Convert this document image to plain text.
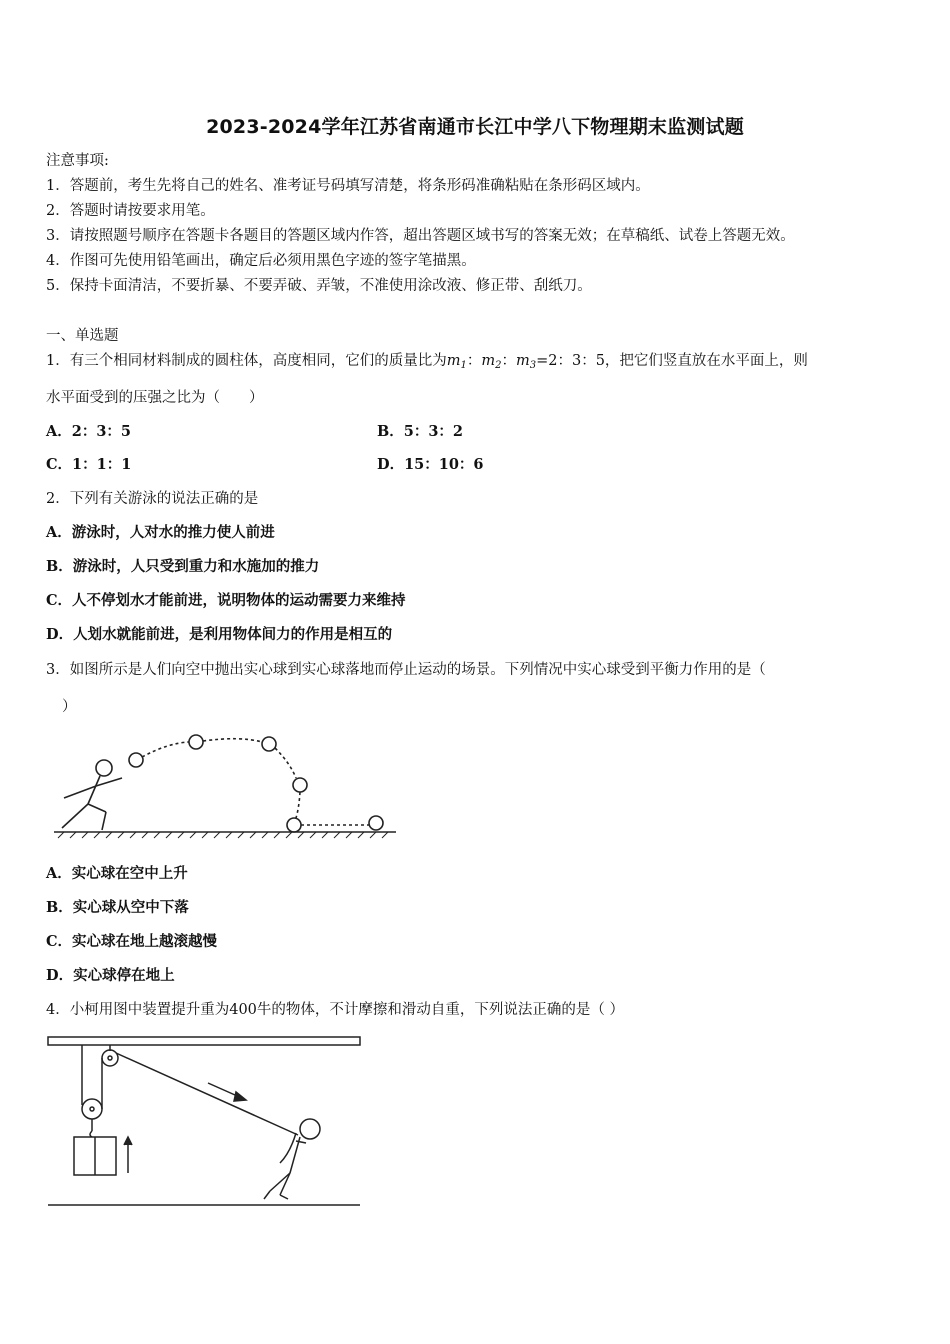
2023-2024学年江苏省南通市长江中学八下物理期末监测试题
注意事项:
1．答题前，考生先将自己的姓名、准考证号码填写清楚，将条形码准确粘贴在条形码区域内。
2．答题时请按要求用笔。
3．请按照题号顺序在答题卡各题目的答题区域内作答，超出答题区域书写的答案无效；在草稿纸、试卷上答题无效。
4．作图可先使用铅笔画出，确定后必须用黑色字迹的签字笔描黑。
5．保持卡面清洁，不要折暴、不要弄破、弄皱，不准使用涂改液、修正带、刮纸刀。
一、单选题
1．有三个相同材料制成的圆柱体，高度相同，它们的质量比为$m_1$：$m_2$：$m_3=2$：3：5，把它们竖直放在水平面上，则
水平面受到的压强之比为（　　）
A．2：3：5	B．5：3：2
C．1：1：1	D．15：10：6
2．下列有关游泳的说法正确的是
A．游泳时，人对水的推力使人前进
B．游泳时，人只受到重力和水施加的推力
C．人不停划水才能前进，说明物体的运动需要力来维持
D．人划水就能前进，是利用物体间力的作用是相互的
3．如图所示是人们向空中抛出实心球到实心球落地而停止运动的场景。下列情况中实心球受到平衡力作用的是（
）
A．实心球在空中上升
B．实心球从空中下落
C．实心球在地上越滚越慢
D．实心球停在地上
4．小柯用图中装置提升重为400牛的物体，不计摩擦和滑动自重，下列说法正确的是（ ）
